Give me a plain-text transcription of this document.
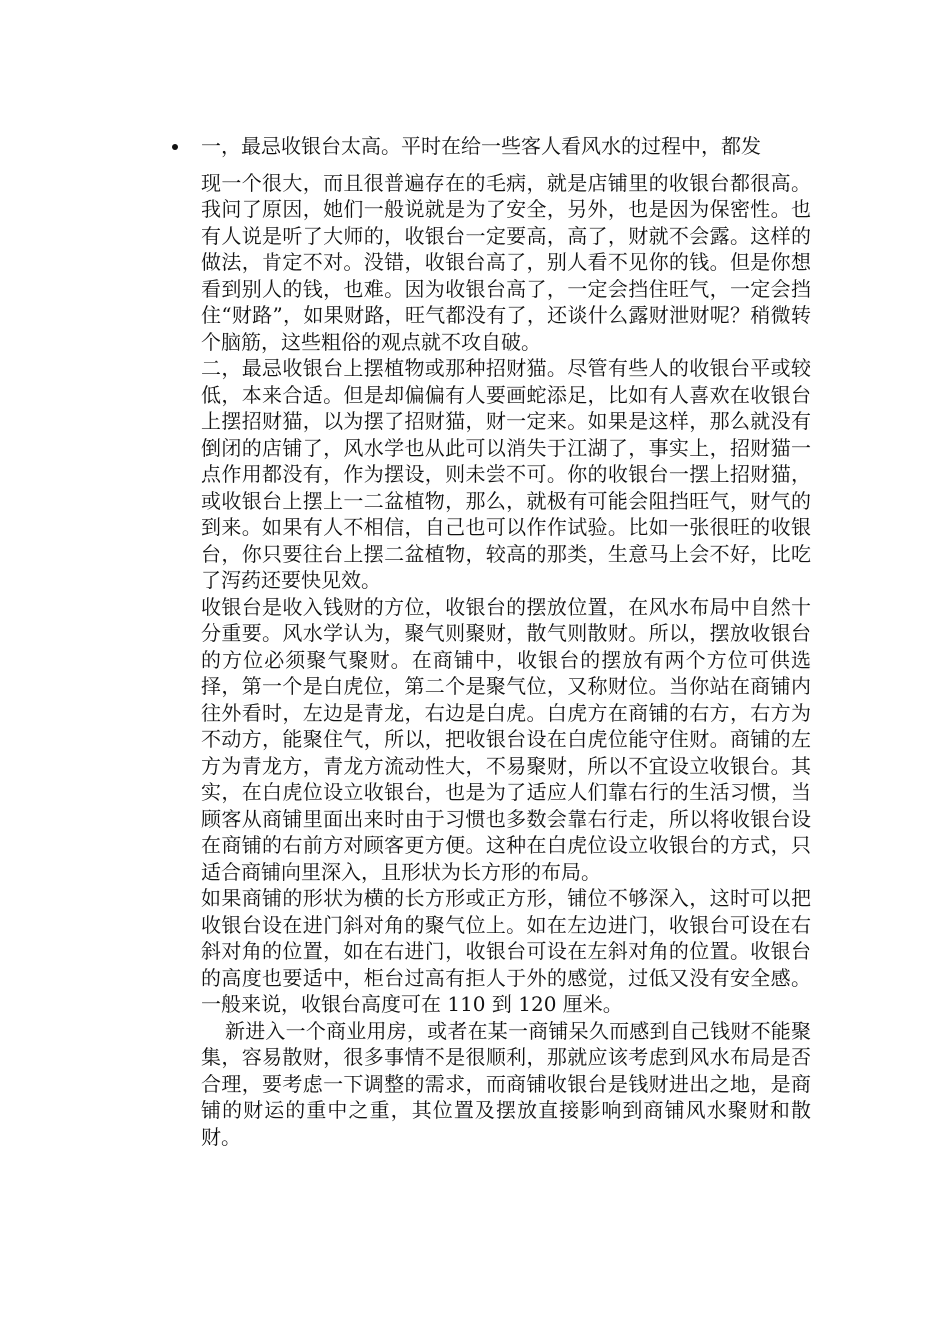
一，最忌收银台太高。平时在给一些客人看风水的过程中，都发

现一个很大，而且很普遍存在的毛病，就是店铺里的收银台都很高。我问了原因，她们一般说就是为了安全，另外，也是因为保密性。也有人说是听了大师的，收银台一定要高，高了，财就不会露。这样的做法，肯定不对。没错，收银台高了，别人看不见你的钱。但是你想看到别人的钱，也难。因为收银台高了，一定会挡住旺气，一定会挡住“财路”，如果财路，旺气都没有了，还谈什么露财泄财呢？稍微转个脑筋，这些粗俗的观点就不攻自破。

二，最忌收银台上摆植物或那种招财猫。尽管有些人的收银台平或较低，本来合适。但是却偏偏有人要画蛇添足，比如有人喜欢在收银台上摆招财猫，以为摆了招财猫，财一定来。如果是这样，那么就没有倒闭的店铺了，风水学也从此可以消失于江湖了，事实上，招财猫一点作用都没有，作为摆设，则未尝不可。你的收银台一摆上招财猫，或收银台上摆上一二盆植物，那么，就极有可能会阻挡旺气，财气的到来。如果有人不相信，自己也可以作作试验。比如一张很旺的收银台，你只要往台上摆二盆植物，较高的那类，生意马上会不好，比吃了泻药还要快见效。

收银台是收入钱财的方位，收银台的摆放位置，在风水布局中自然十分重要。风水学认为，聚气则聚财，散气则散财。所以，摆放收银台的方位必须聚气聚财。在商铺中，收银台的摆放有两个方位可供选择，第一个是白虎位，第二个是聚气位，又称财位。当你站在商铺内往外看时，左边是青龙，右边是白虎。白虎方在商铺的右方，右方为不动方，能聚住气，所以，把收银台设在白虎位能守住财。商铺的左方为青龙方，青龙方流动性大，不易聚财，所以不宜设立收银台。其实，在白虎位设立收银台，也是为了适应人们靠右行的生活习惯，当顾客从商铺里面出来时由于习惯也多数会靠右行走，所以将收银台设在商铺的右前方对顾客更方便。这种在白虎位设立收银台的方式，只适合商铺向里深入，且形状为长方形的布局。

如果商铺的形状为横的长方形或正方形，铺位不够深入，这时可以把收银台设在进门斜对角的聚气位上。如在左边进门，收银台可设在右斜对角的位置，如在右进门，收银台可设在左斜对角的位置。收银台的高度也要适中，柜台过高有拒人于外的感觉，过低又没有安全感。一般来说，收银台高度可在 110 到 120 厘米。

新进入一个商业用房，或者在某一商铺呆久而感到自己钱财不能聚集，容易散财，很多事情不是很顺利，那就应该考虑到风水布局是否合理，要考虑一下调整的需求，而商铺收银台是钱财进出之地，是商铺的财运的重中之重，其位置及摆放直接影响到商铺风水聚财和散财。
